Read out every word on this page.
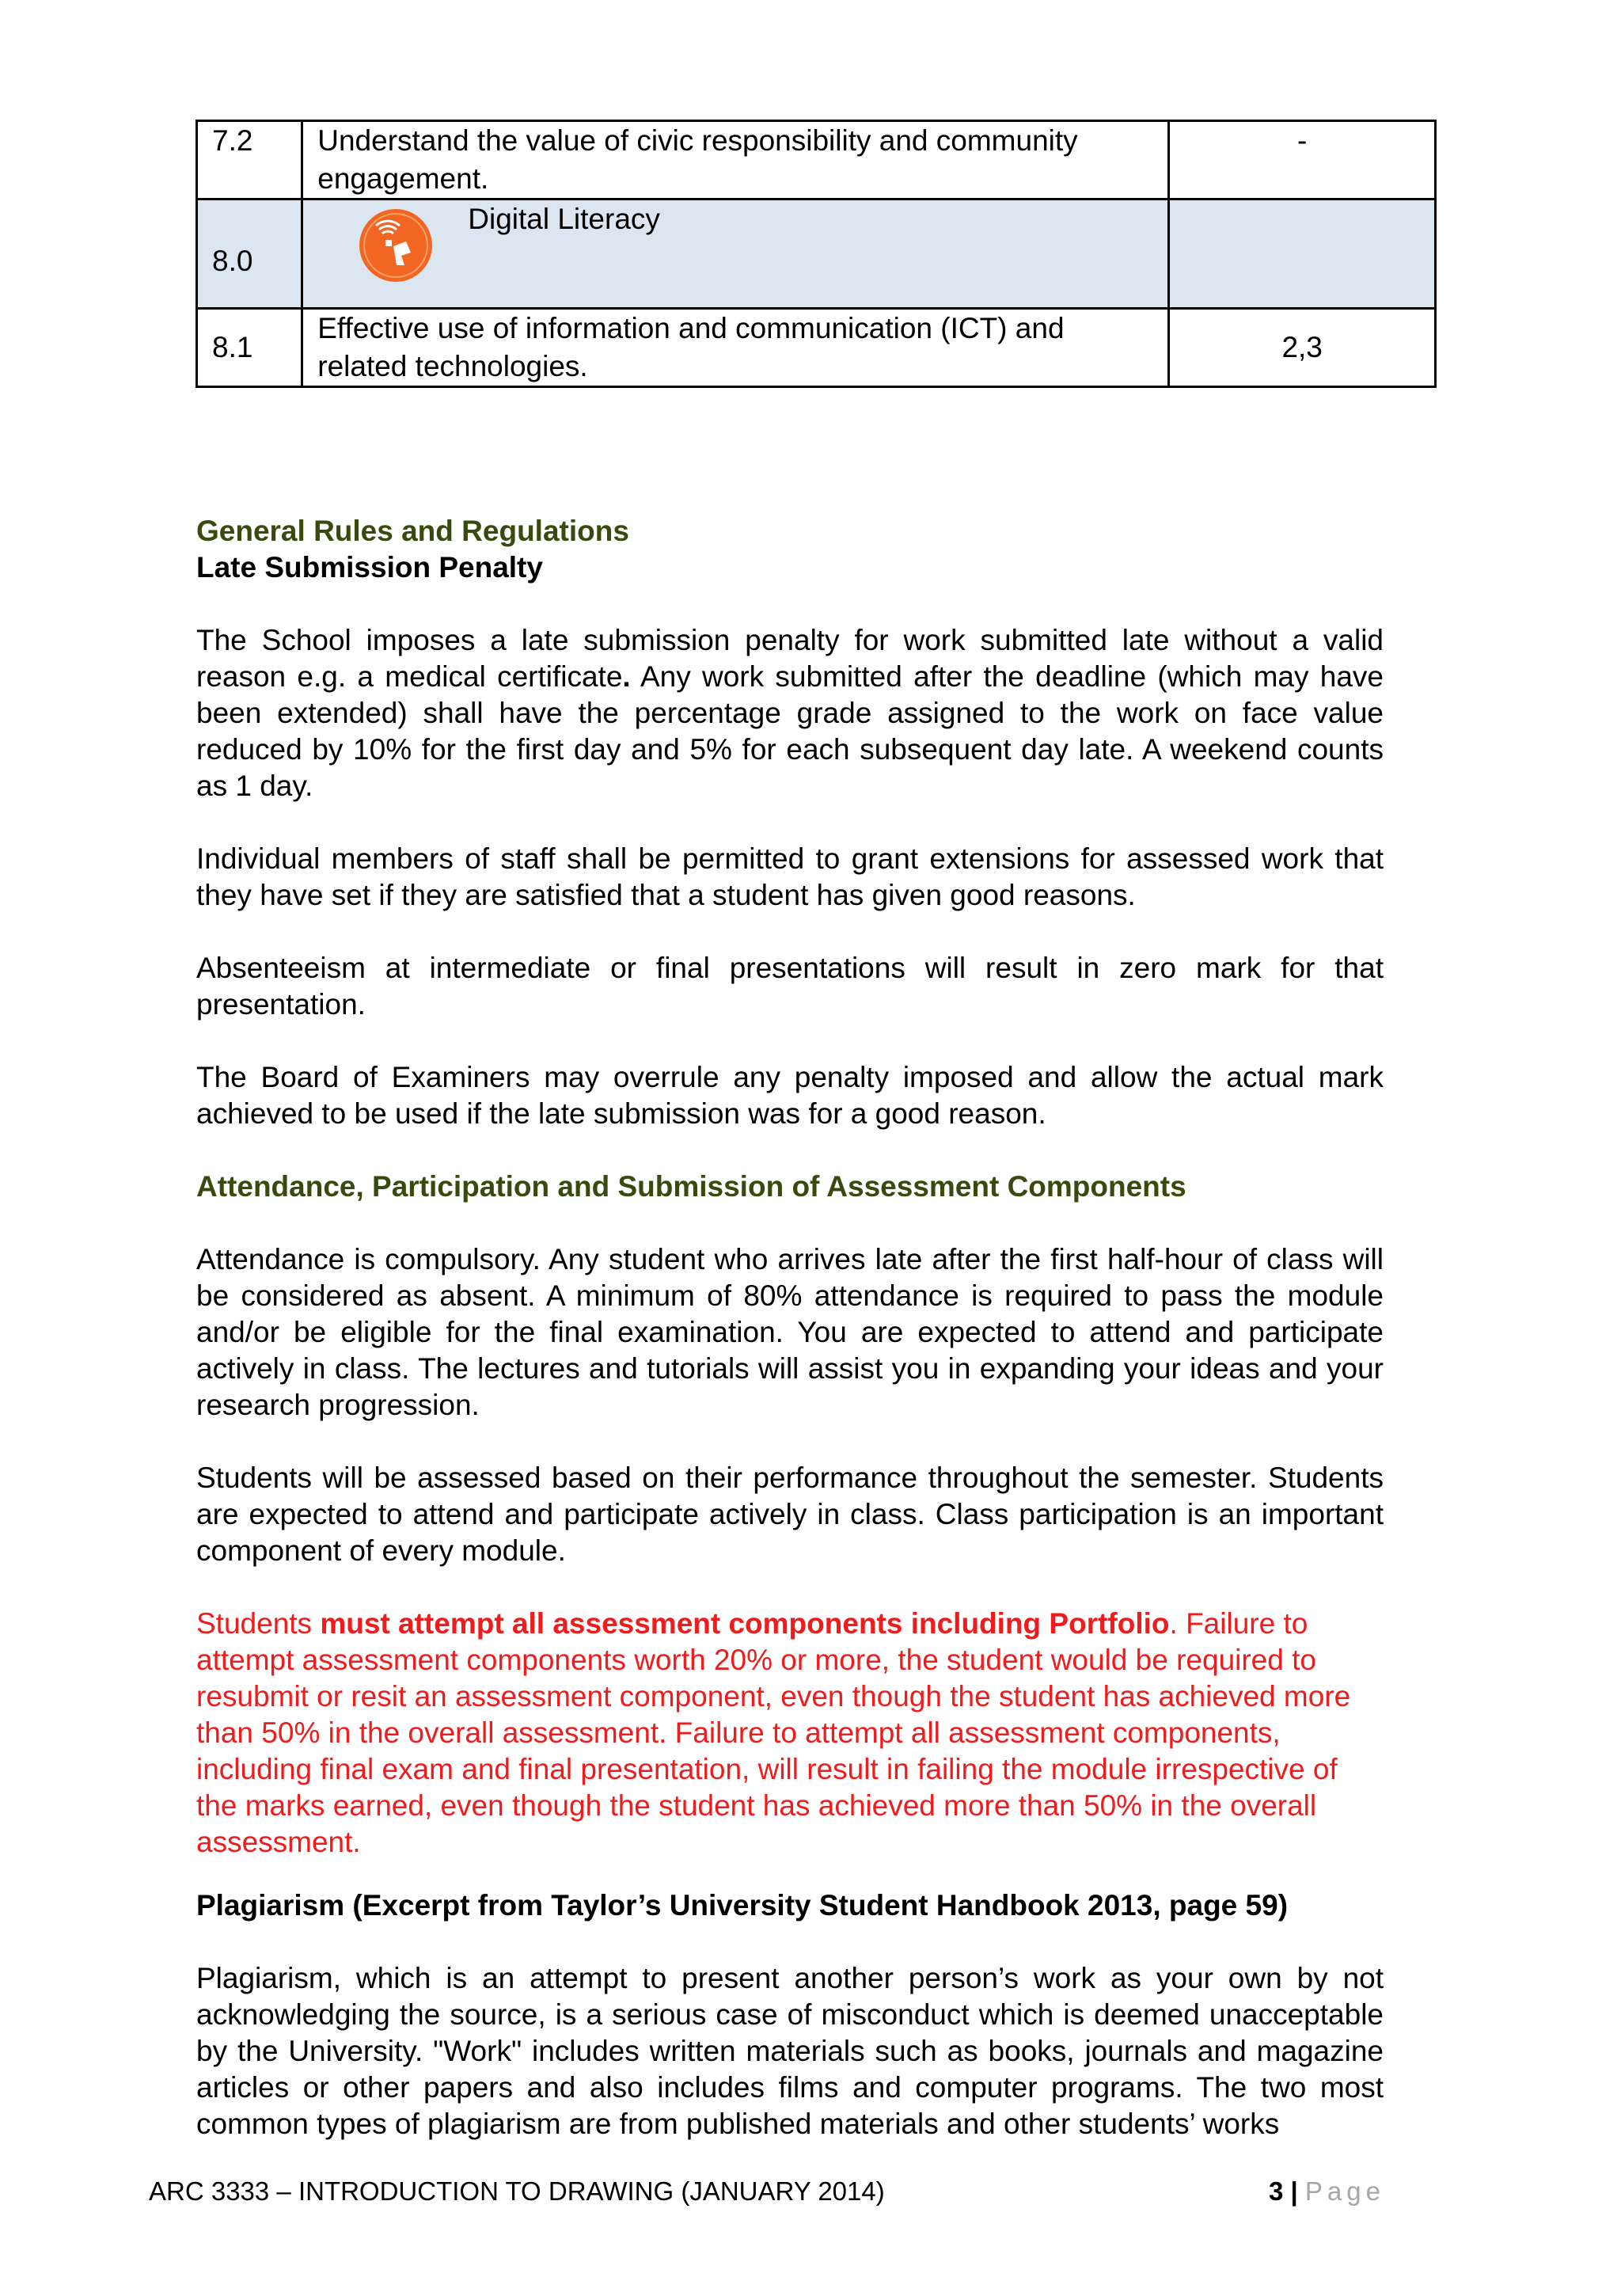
7.2	Understand the value of civic responsibility and community engagement.	-
8.0	Digital Literacy	

8.1	Effective use of information and communication (ICT) and related technologies.	2,3
General Rules and Regulations
Late Submission Penalty

The School imposes a late submission penalty for work submitted late without a valid reason e.g. a medical certificate. Any work submitted after the deadline (which may have been extended) shall have the percentage grade assigned to the work on face value reduced by 10% for the first day and 5% for each subsequent day late. A weekend counts as 1 day.

Individual members of staff shall be permitted to grant extensions for assessed work that they have set if they are satisfied that a student has given good reasons.

Absenteeism at intermediate or final presentations will result in zero mark for that presentation.

The Board of Examiners may overrule any penalty imposed and allow the actual mark achieved to be used if the late submission was for a good reason.

Attendance, Participation and Submission of Assessment Components

Attendance is compulsory. Any student who arrives late after the first half-hour of class will be considered as absent. A minimum of 80% attendance is required to pass the module and/or be eligible for the final examination. You are expected to attend and participate actively in class. The lectures and tutorials will assist you in expanding your ideas and your research progression.

Students will be assessed based on their performance throughout the semester. Students are expected to attend and participate actively in class. Class participation is an important component of every module.

Students must attempt all assessment components including Portfolio. Failure to attempt assessment components worth 20% or more, the student would be required to resubmit or resit an assessment component, even though the student has achieved more than 50% in the overall assessment. Failure to attempt all assessment components, including final exam and final presentation, will result in failing the module irrespective of the marks earned, even though the student has achieved more than 50% in the overall assessment.

Plagiarism (Excerpt from Taylor’s University Student Handbook 2013, page 59)

Plagiarism, which is an attempt to present another person’s work as your own by not acknowledging the source, is a serious case of misconduct which is deemed unacceptable by the University. "Work" includes written materials such as books, journals and magazine articles or other papers and also includes films and computer programs. The two most common types of plagiarism are from published materials and other students’ works

ARC 3333 – INTRODUCTION TO DRAWING (JANUARY 2014)	3 | Page
